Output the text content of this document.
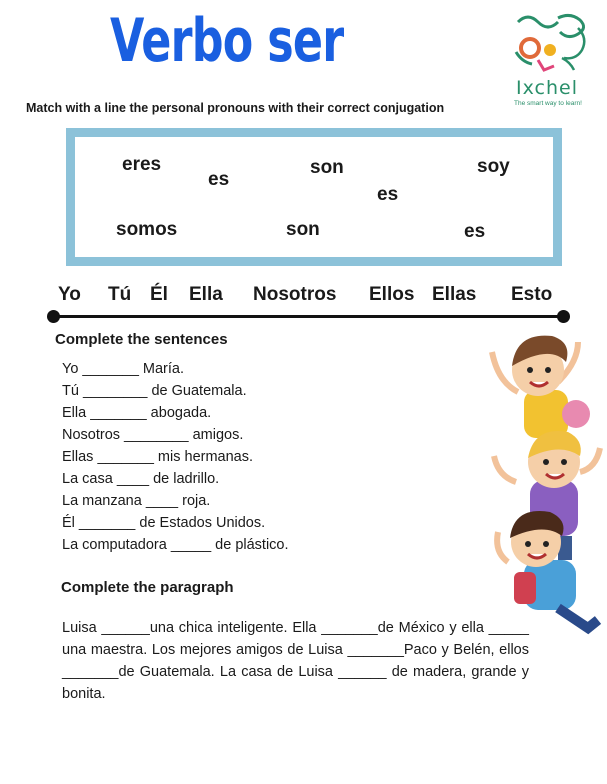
Verbo ser
Ixchel
The smart way to learn!
Match with a line the personal pronouns with their correct conjugation
eres
es
son
es
soy
somos	son	es
Yo Tú Él Ella Nosotros Ellos Ellas Esto
Complete the sentences
Yo _______ María.
Tú ________ de Guatemala.
Ella _______ abogada.
Nosotros ________ amigos.
Ellas _______ mis hermanas.
La casa ____ de ladrillo.
La manzana ____ roja.
Él _______ de Estados Unidos.
La computadora _____ de plástico.
Complete the paragraph

Luisa ______una chica inteligente. Ella _______de México y ella _____ una maestra. Los mejores amigos de Luisa _______Paco y Belén, ellos _______de Guatemala. La casa de Luisa ______ de madera, grande y bonita.
